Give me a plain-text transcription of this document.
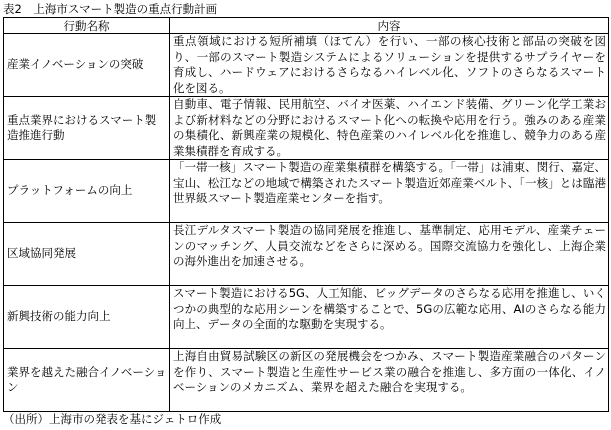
表2　上海市スマート製造の重点行動計画
行動名称	内容
産業イノベーションの突破	重点領域における短所補填（ほてん）を行い、一部の核心技術と部品の突破を図り、一部のスマート製造システムによるソリューションを提供するサプライヤーを育成し、ハードウェアにおけるさらなるハイレベル化、ソフトのさらなるスマート化を図る。
重点業界におけるスマート製造推進行動	自動車、電子情報、民用航空、バイオ医薬、ハイエンド装備、グリーン化学工業および新材料などの分野におけるスマート化への転換や応用を行う。強みのある産業の集積化、新興産業の規模化、特色産業のハイレベル化を推進し、競争力のある産業集積群を育成する。
プラットフォームの向上	「一帯一核」スマート製造の産業集積群を構築する。「一帯」は浦東、閔行、嘉定、宝山、松江などの地域で構築されたスマート製造近郊産業ベルト、「一核」とは臨港世界級スマート製造産業センターを指す。
区域協同発展	長江デルタスマート製造の協同発展を推進し、基準制定、応用モデル、産業チェーンのマッチング、人員交流などをさらに深める。国際交流協力を強化し、上海企業の海外進出を加速させる。
新興技術の能力向上	スマート製造における5G、人工知能、ビッグデータのさらなる応用を推進し、いくつかの典型的な応用シーンを構築することで、5Gの広範な応用、AIのさらなる能力向上、データの全面的な駆動を実現する。
業界を越えた融合イノベーション	上海自由貿易試験区の新区の発展機会をつかみ、スマート製造産業融合のパターンを作り、スマート製造と生産性サービス業の融合を推進し、多方面の一体化、イノベーションのメカニズム、業界を超えた融合を実現する。
（出所）上海市の発表を基にジェトロ作成
